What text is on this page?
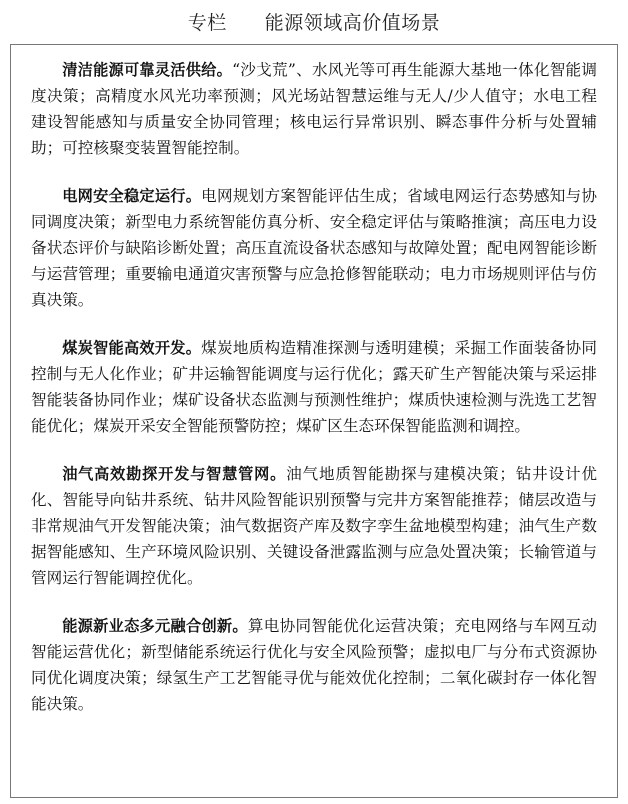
专栏 能源领域高价值场景

清洁能源可靠灵活供给。“沙戈荒”、水风光等可再生能源大基地一体化智能调度决策；高精度水风光功率预测；风光场站智慧运维与无人/少人值守；水电工程建设智能感知与质量安全协同管理；核电运行异常识别、瞬态事件分析与处置辅助；可控核聚变装置智能控制。

电网安全稳定运行。电网规划方案智能评估生成；省域电网运行态势感知与协同调度决策；新型电力系统智能仿真分析、安全稳定评估与策略推演；高压电力设备状态评价与缺陷诊断处置；高压直流设备状态感知与故障处置；配电网智能诊断与运营管理；重要输电通道灾害预警与应急抢修智能联动；电力市场规则评估与仿真决策。

煤炭智能高效开发。煤炭地质构造精准探测与透明建模；采掘工作面装备协同控制与无人化作业；矿井运输智能调度与运行优化；露天矿生产智能决策与采运排智能装备协同作业；煤矿设备状态监测与预测性维护；煤质快速检测与洗选工艺智能优化；煤炭开采安全智能预警防控；煤矿区生态环保智能监测和调控。

油气高效勘探开发与智慧管网。油气地质智能勘探与建模决策；钻井设计优化、智能导向钻井系统、钻井风险智能识别预警与完井方案智能推荐；储层改造与非常规油气开发智能决策；油气数据资产库及数字孪生盆地模型构建；油气生产数据智能感知、生产环境风险识别、关键设备泄露监测与应急处置决策；长输管道与管网运行智能调控优化。

能源新业态多元融合创新。算电协同智能优化运营决策；充电网络与车网互动智能运营优化；新型储能系统运行优化与安全风险预警；虚拟电厂与分布式资源协同优化调度决策；绿氢生产工艺智能寻优与能效优化控制；二氧化碳封存一体化智能决策。
